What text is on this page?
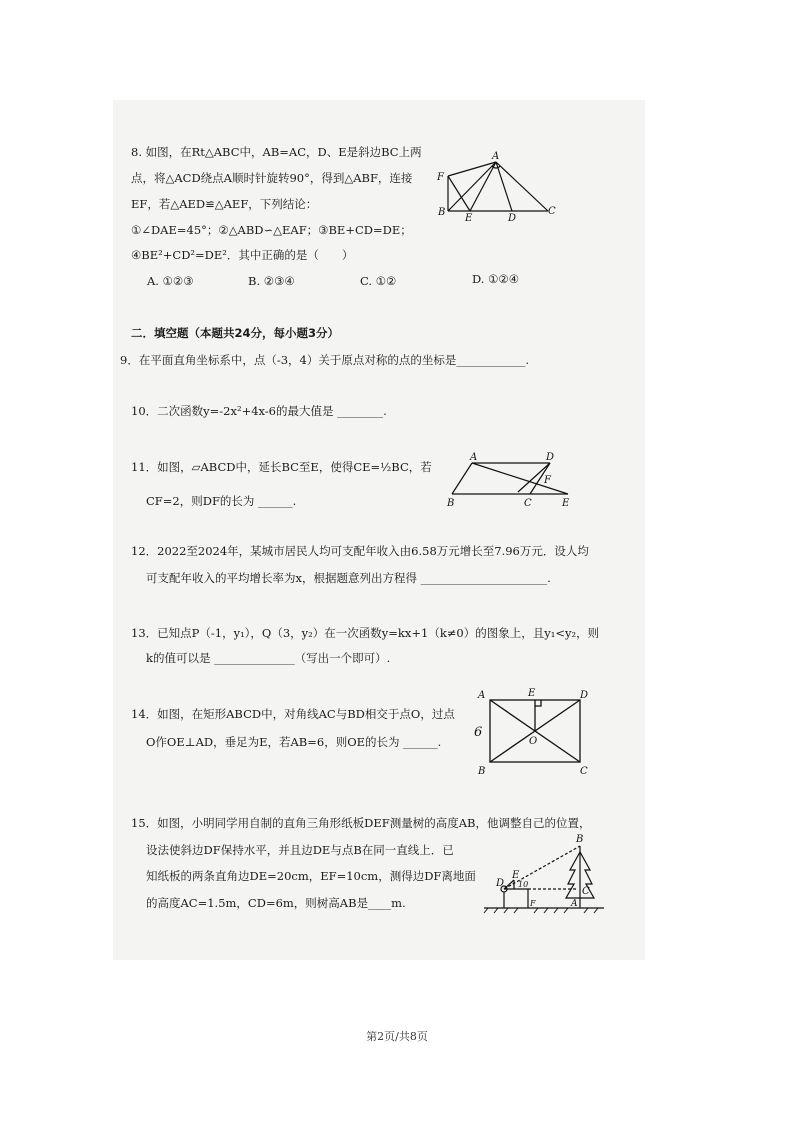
8. 如图，在Rt△ABC中，AB=AC，D、E是斜边BC上两
点，将△ACD绕点A顺时针旋转90°，得到△ABF，连接
EF，若△AED≌△AEF，下列结论：
①∠DAE=45°；②△ABD∽△EAF；③BE+CD=DE；
④BE²+CD²=DE²．其中正确的是（　　）
A. ①②③	B. ②③④	C. ①②	D. ①②④
A
F
B
E	D
C
二．填空题（本题共24分，每小题3分）
9．在平面直角坐标系中，点（-3，4）关于原点对称的点的坐标是____________.
10．二次函数y=-2x²+4x-6的最大值是 ________.
11．如图，▱ABCD中，延长BC至E，使得CE=½BC，若
CF=2，则DF的长为 ______.
A	D
F
B	C	E
12．2022至2024年，某城市居民人均可支配年收入由6.58万元增长至7.96万元．设人均
可支配年收入的平均增长率为x，根据题意列出方程得 ______________________.
13．已知点P（-1，y₁），Q（3，y₂）在一次函数y=kx+1（k≠0）的图象上，且y₁<y₂，则
k的值可以是 ______________（写出一个即可）.
14．如图，在矩形ABCD中，对角线AC与BD相交于点O，过点
O作OE⊥AD，垂足为E，若AB=6，则OE的长为 ______.
A	E	D
O
6
B	C
15．如图，小明同学用自制的直角三角形纸板DEF测量树的高度AB，他调整自己的位置，
设法使斜边DF保持水平，并且边DE与点B在同一直线上．已
知纸板的两条直角边DE=20cm，EF=10cm，测得边DF离地面
的高度AC=1.5m，CD=6m，则树高AB是____m.
B
E
10
D
C
F	A
第2页/共8页
